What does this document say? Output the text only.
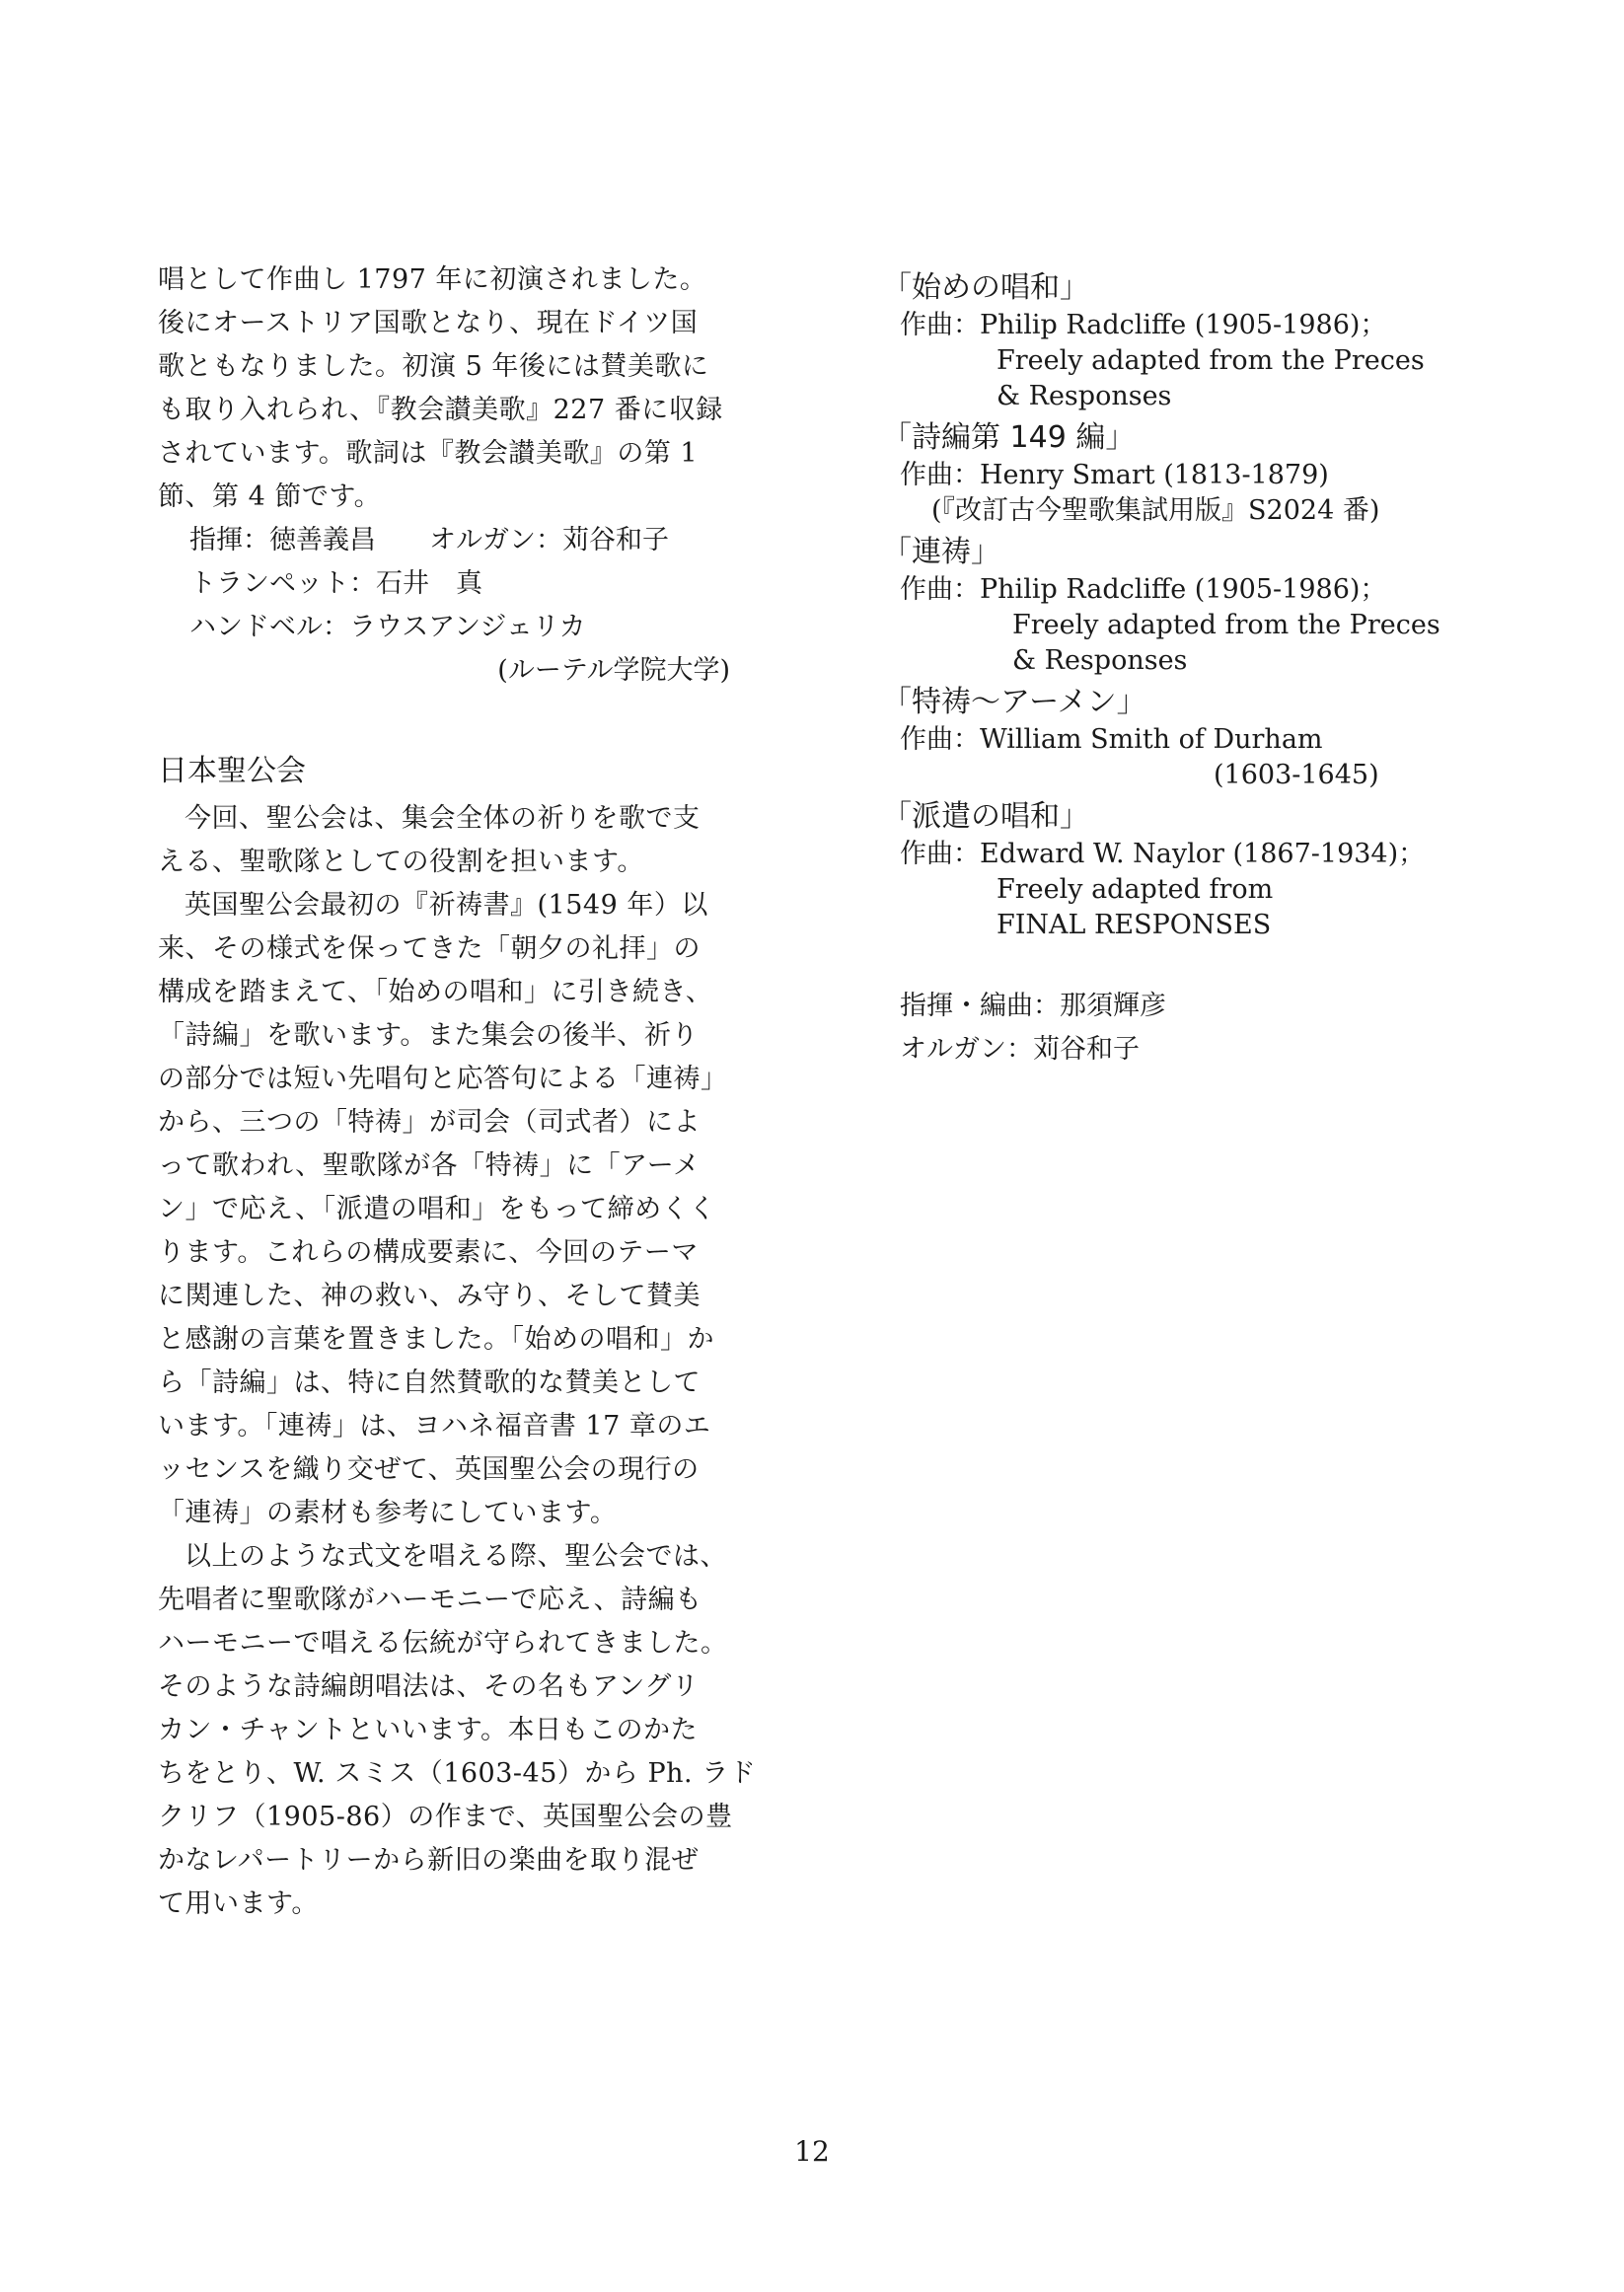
唱として作曲し 1797 年に初演されました。

後にオーストリア国歌となり、現在ドイツ国

歌ともなりました。初演 5 年後には賛美歌に

も取り入れられ、『教会讃美歌』227 番に収録

されています。歌詞は『教会讃美歌』の第 1

節、第 4 節です。

指揮：徳善義昌　　オルガン：苅谷和子

トランペット：石井　真

ハンドベル：ラウスアンジェリカ

(ルーテル学院大学)

日本聖公会

今回、聖公会は、集会全体の祈りを歌で支

える、聖歌隊としての役割を担います。

英国聖公会最初の『祈祷書』(1549 年）以

来、その様式を保ってきた「朝夕の礼拝」の

構成を踏まえて、「始めの唱和」に引き続き、

「詩編」を歌います。また集会の後半、祈り

の部分では短い先唱句と応答句による「連祷」

から、三つの「特祷」が司会（司式者）によ

って歌われ、聖歌隊が各「特祷」に「アーメ

ン」で応え、「派遣の唱和」をもって締めくく

ります。これらの構成要素に、今回のテーマ

に関連した、神の救い、み守り、そして賛美

と感謝の言葉を置きました。「始めの唱和」か

ら「詩編」は、特に自然賛歌的な賛美として

います。「連祷」は、ヨハネ福音書 17 章のエ

ッセンスを織り交ぜて、英国聖公会の現行の

「連祷」の素材も参考にしています。

以上のような式文を唱える際、聖公会では、

先唱者に聖歌隊がハーモニーで応え、詩編も

ハーモニーで唱える伝統が守られてきました。

そのような詩編朗唱法は、その名もアングリ

カン・チャントといいます。本日もこのかた

ちをとり、W. スミス（1603-45）から Ph. ラド

クリフ（1905-86）の作まで、英国聖公会の豊

かなレパートリーから新旧の楽曲を取り混ぜ

て用います。

「始めの唱和」

作曲：Philip Radcliffe (1905-1986)；

Freely adapted from the Preces

& Responses

「詩編第 149 編」

作曲：Henry Smart (1813-1879)

(『改訂古今聖歌集試用版』S2024 番)

「連祷」

作曲：Philip Radcliffe (1905-1986)；

Freely adapted from the Preces

& Responses

「特祷～アーメン」

作曲：William Smith of Durham

(1603-1645)

「派遣の唱和」

作曲：Edward W. Naylor (1867-1934)；

Freely adapted from

FINAL RESPONSES

指揮・編曲：那須輝彦

オルガン：苅谷和子

12
